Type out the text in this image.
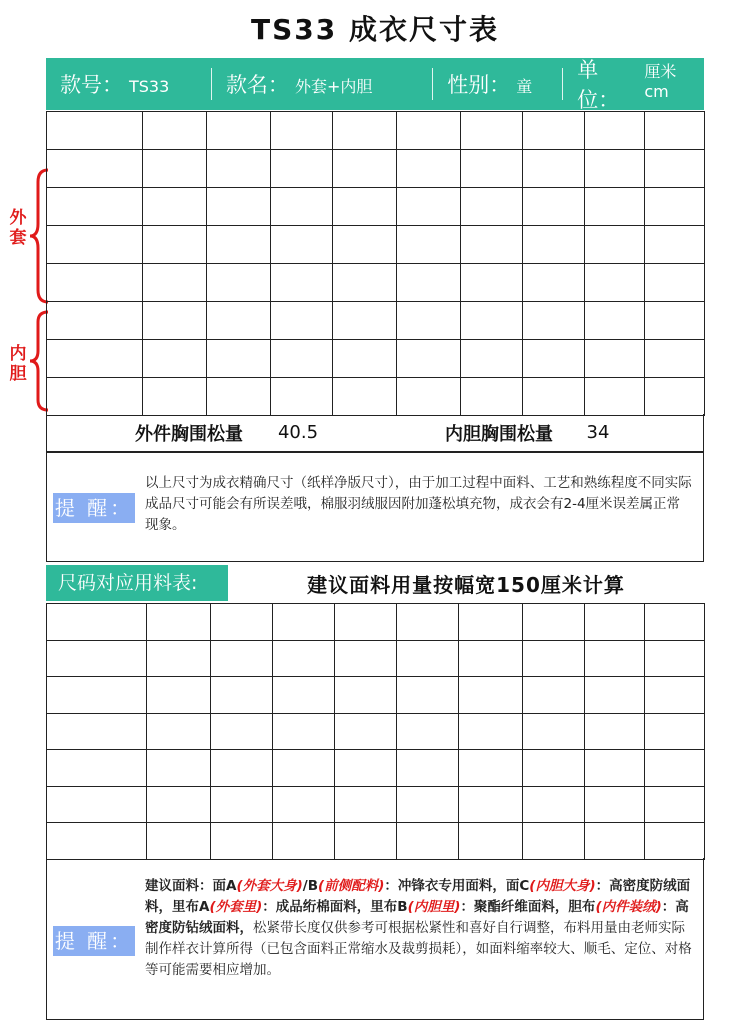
TS33 成衣尺寸表
款号： TS33	款名： 外套+内胆	性别： 童
单位：
厘米 cm
外套
内胆

外件胸围松量	40.5	内胆胸围松量	34
提 醒：
以上尺寸为成衣精确尺寸（纸样净版尺寸），由于加工过程中面料、工艺和熟练程度不同实际成品尺寸可能会有所误差哦，棉服羽绒服因附加蓬松填充物，成衣会有2-4厘米误差属正常现象。
尺码对应用料表:	建议面料用量按幅宽150厘米计算

提 醒：
建议面料：面A(外套大身)/B(前侧配料)：冲锋衣专用面料，面C(内胆大身)：高密度防绒面料，里布A(外套里)：成品绗棉面料，里布B(内胆里)：聚酯纤维面料，胆布(内件装绒)：高密度防钻绒面料，松紧带长度仅供参考可根据松紧性和喜好自行调整，布料用量由老师实际制作样衣计算所得（已包含面料正常缩水及裁剪损耗），如面料缩率较大、顺毛、定位、对格等可能需要相应增加。
